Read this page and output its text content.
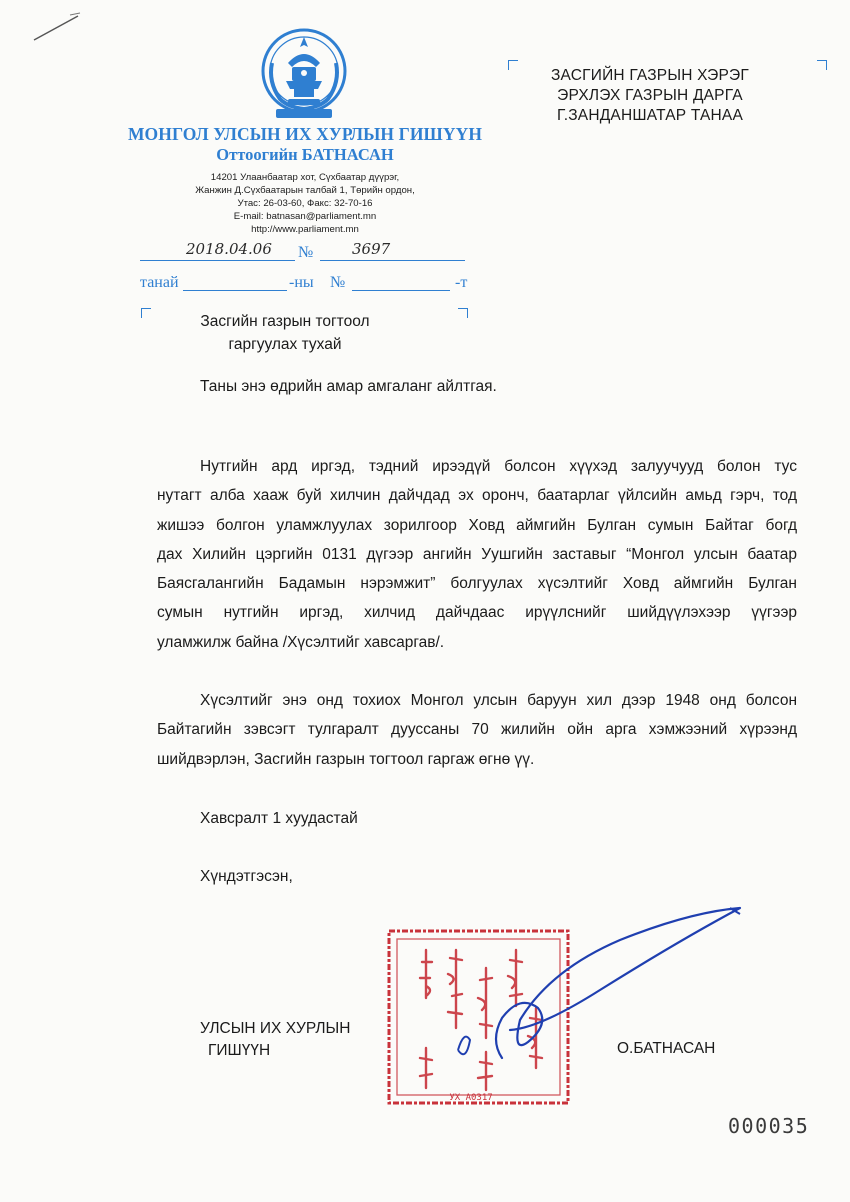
МОНГОЛ УЛСЫН ИХ ХУРЛЫН ГИШҮҮН
Оттоогийн БАТНАСАН
14201 Улаанбаатар хот, Сүхбаатар дүүрэг,
Жанжин Д.Сүхбаатарын талбай 1, Төрийн ордон,
Утас: 26-03-60, Факс: 32-70-16
E-mail: batnasan@parliament.mn
http://www.parliament.mn
2018.04.06 №	3697
танай	-ны №	-т
ЗАСГИЙН ГАЗРЫН ХЭРЭГ
ЭРХЛЭХ ГАЗРЫН ДАРГА
Г.ЗАНДАНШАТАР ТАНАА
Засгийн газрын тогтоол
гаргуулах тухай
Таны энэ өдрийн амар амгаланг айлтгая.
Нутгийн ард иргэд, тэдний ирээдүй болсон хүүхэд залуучууд болон тус
нутагт алба хааж буй хилчин дайчдад эх оронч, баатарлаг үйлсийн амьд гэрч, тод
жишээ болгон уламжлуулах зорилгоор Ховд аймгийн Булган сумын Байтаг богд
дах Хилийн цэргийн 0131 дүгээр ангийн Уушгийн заставыг “Монгол улсын баатар
Баясгалангийн Бадамын нэрэмжит” болгуулах хүсэлтийг Ховд аймгийн Булган
сумын нутгийн иргэд, хилчид дайчдаас ирүүлснийг шийдүүлэхээр үүгээр
уламжилж байна /Хүсэлтийг хавсаргав/.
Хүсэлтийг энэ онд тохиох Монгол улсын баруун хил дээр 1948 онд болсон
Байтагийн зэвсэгт тулгаралт дууссаны 70 жилийн ойн арга хэмжээний хүрээнд
шийдвэрлэн, Засгийн газрын тогтоол гаргаж өгнө үү.
Хавсралт 1 хуудастай
Хүндэтгэсэн,
УХ А0317
УЛСЫН ИХ ХУРЛЫН
ГИШҮҮН	О.БАТНАСАН
000035
